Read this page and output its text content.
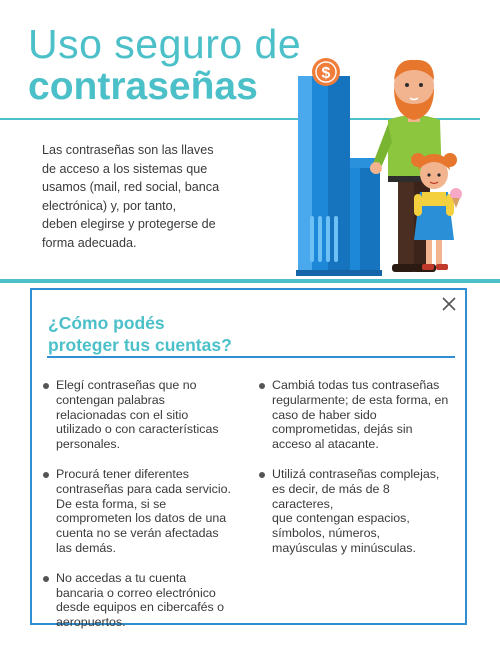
Uso seguro de
contraseñas
Las contraseñas son las llaves
de acceso a los sistemas que
usamos (mail, red social, banca
electrónica) y, por tanto,
deben elegirse y protegerse de
forma adecuada.
$
¿Cómo podés
proteger tus cuentas?
Elegí contraseñas que no
contengan palabras
relacionadas con el sitio
utilizado o con características
personales.
Procurá tener diferentes
contraseñas para cada servicio.
De esta forma, si se
comprometen los datos de una
cuenta no se verán afectadas
las demás.
No accedas a tu cuenta
bancaria o correo electrónico
desde equipos en cibercafés o
aeropuertos.
Cambiá todas tus contraseñas
regularmente; de esta forma, en
caso de haber sido
comprometidas, dejás sin
acceso al atacante.
Utilizá contraseñas complejas,
es decir, de más de 8
caracteres,
que contengan espacios,
símbolos, números,
mayúsculas y minúsculas.
